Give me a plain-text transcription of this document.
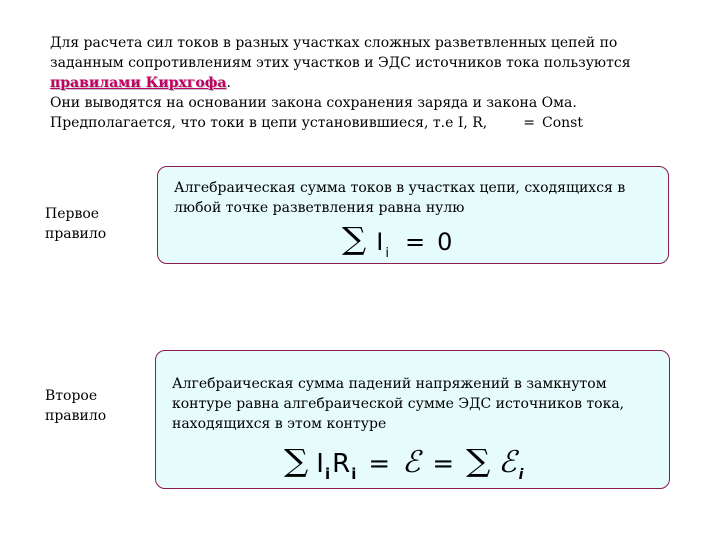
Для расчета сил токов в разных участках сложных разветвленных цепей по
заданным сопротивлениям этих участков и ЭДС источников тока пользуются
правилами Кирхгофа.
Они выводятся на основании закона сохранения заряда и закона Ома.
Предполагается, что токи в цепи установившиеся, т.е I, R,	= Const
Первое
правило
Алгебраическая сумма токов в участках цепи, сходящихся в
любой точке разветвления равна нулю
∑ I i = 0
Второе
правило
Алгебраическая сумма падений напряжений в замкнутом
контуре равна алгебраической сумме ЭДС источников тока,
находящихся в этом контуре
∑ I i R i = ℰ = ∑ ℰ i
